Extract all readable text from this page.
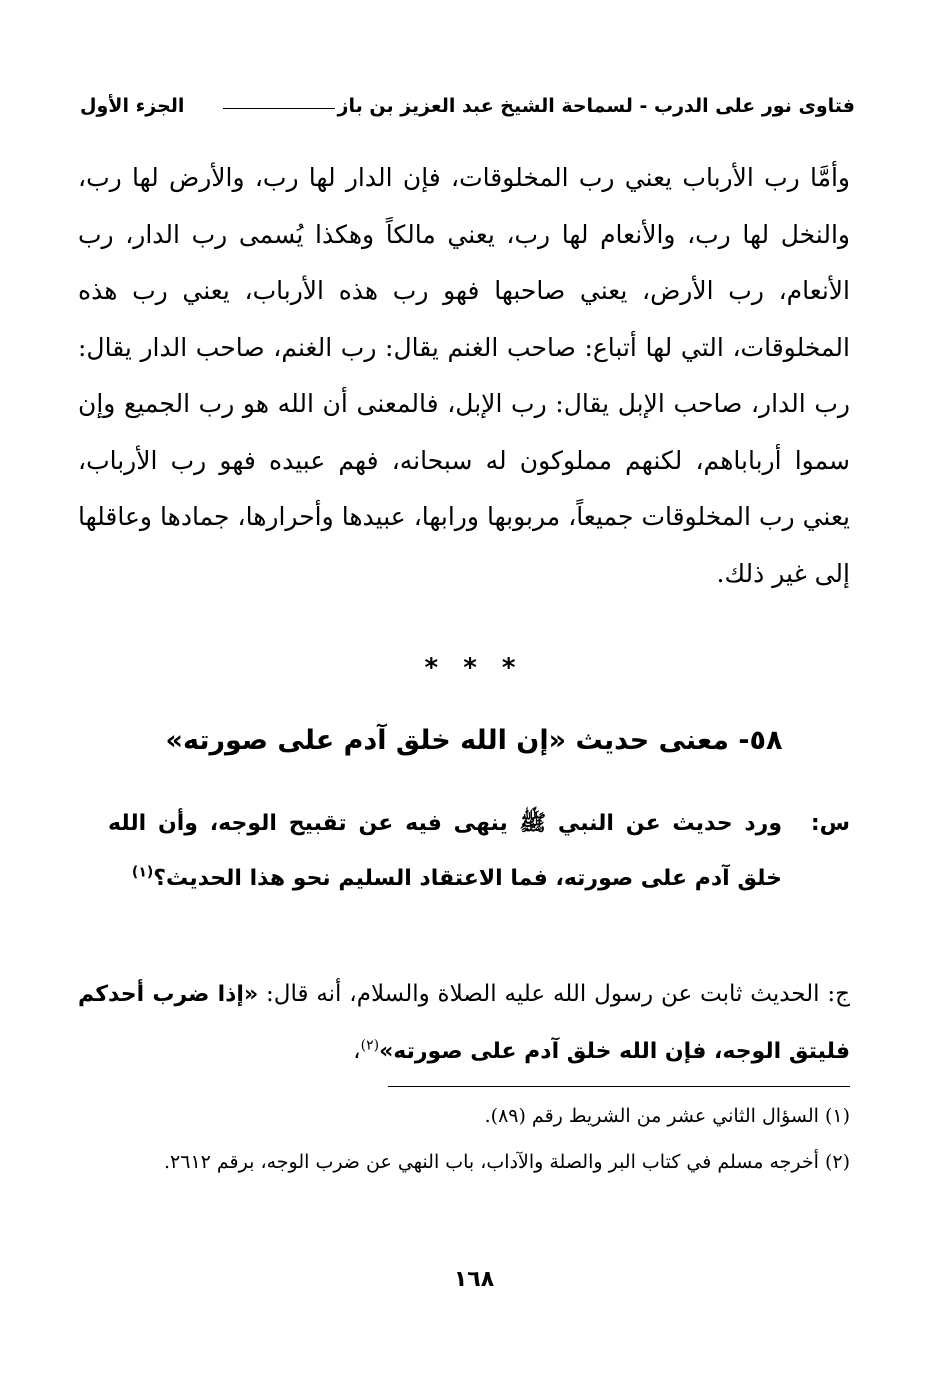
فتاوى نور على الدرب - لسماحة الشيخ عبد العزيز بن باز
الجزء الأول

وأمَّا رب الأرباب يعني رب المخلوقات، فإن الدار لها رب، والأرض لها رب، والنخل لها رب، والأنعام لها رب، يعني مالكاً وهكذا يُسمى رب الدار، رب الأنعام، رب الأرض، يعني صاحبها فهو رب هذه الأرباب، يعني رب هذه المخلوقات، التي لها أتباع: صاحب الغنم يقال: رب الغنم، صاحب الدار يقال: رب الدار، صاحب الإبل يقال: رب الإبل، فالمعنى أن الله هو رب الجميع وإن سموا أربابا‌هم، لكنهم مملوكون له سبحانه، فهم عبيده فهو رب الأرباب، يعني رب المخلوقات جميعاً، مربوبها ورابها، عبيدها وأحرارها، جمادها وعاقلها إلى غير ذلك.

* * *
٥٨- معنى حديث «إن الله خلق آدم على صورته»
س:
ورد حديث عن النبي ﷺ ينهى فيه عن تقبيح الوجه، وأن الله خلق آدم على صورته، فما الاعتقاد السليم نحو هذا الحديث؟$^{(١)}$
ج: الحديث ثابت عن رسول الله عليه الصلاة والسلام، أنه قال: «إذا ضرب أحدكم فليتق الوجه، فإن الله خلق آدم على صورته»$^{(٢)}$،

(١) السؤال الثاني عشر من الشريط رقم (٨٩).

(٢) أخرجه مسلم في كتاب البر والصلة والآداب، باب النهي عن ضرب الوجه، برقم ٢٦١٢.

١٦٨
